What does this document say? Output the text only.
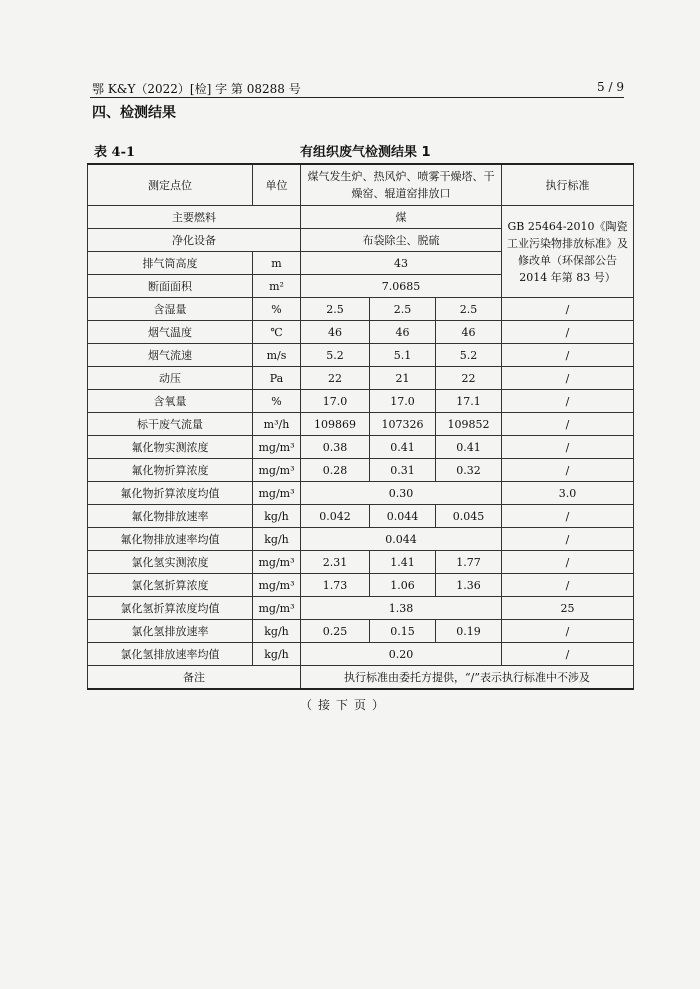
鄂 K&Y（2022）[检] 字 第 08288 号	5 / 9
四、检测结果
表 4-1	有组织废气检测结果 1
测定点位	单位	煤气发生炉、热风炉、喷雾干燥塔、干燥窑、辊道窑排放口			执行标准
主要燃料		煤			GB 25464-2010《陶瓷工业污染物排放标准》及修改单（环保部公告 2014 年第 83 号）
净化设备		布袋除尘、脱硫			
排气筒高度	m	43			
断面面积	m²	7.0685			
含湿量	%	2.5	2.5	2.5	/
烟气温度	℃	46	46	46	/
烟气流速	m/s	5.2	5.1	5.2	/
动压	Pa	22	21	22	/
含氧量	%	17.0	17.0	17.1	/
标干废气流量	m³/h	109869	107326	109852	/
氟化物实测浓度	mg/m³	0.38	0.41	0.41	/
氟化物折算浓度	mg/m³	0.28	0.31	0.32	/
氟化物折算浓度均值	mg/m³	0.30			3.0
氟化物排放速率	kg/h	0.042	0.044	0.045	/
氟化物排放速率均值	kg/h	0.044			/
氯化氢实测浓度	mg/m³	2.31	1.41	1.77	/
氯化氢折算浓度	mg/m³	1.73	1.06	1.36	/
氯化氢折算浓度均值	mg/m³	1.38			25
氯化氢排放速率	kg/h	0.25	0.15	0.19	/
氯化氢排放速率均值	kg/h	0.20			/
备注		执行标准由委托方提供，“/”表示执行标准中不涉及			
（接下页）
